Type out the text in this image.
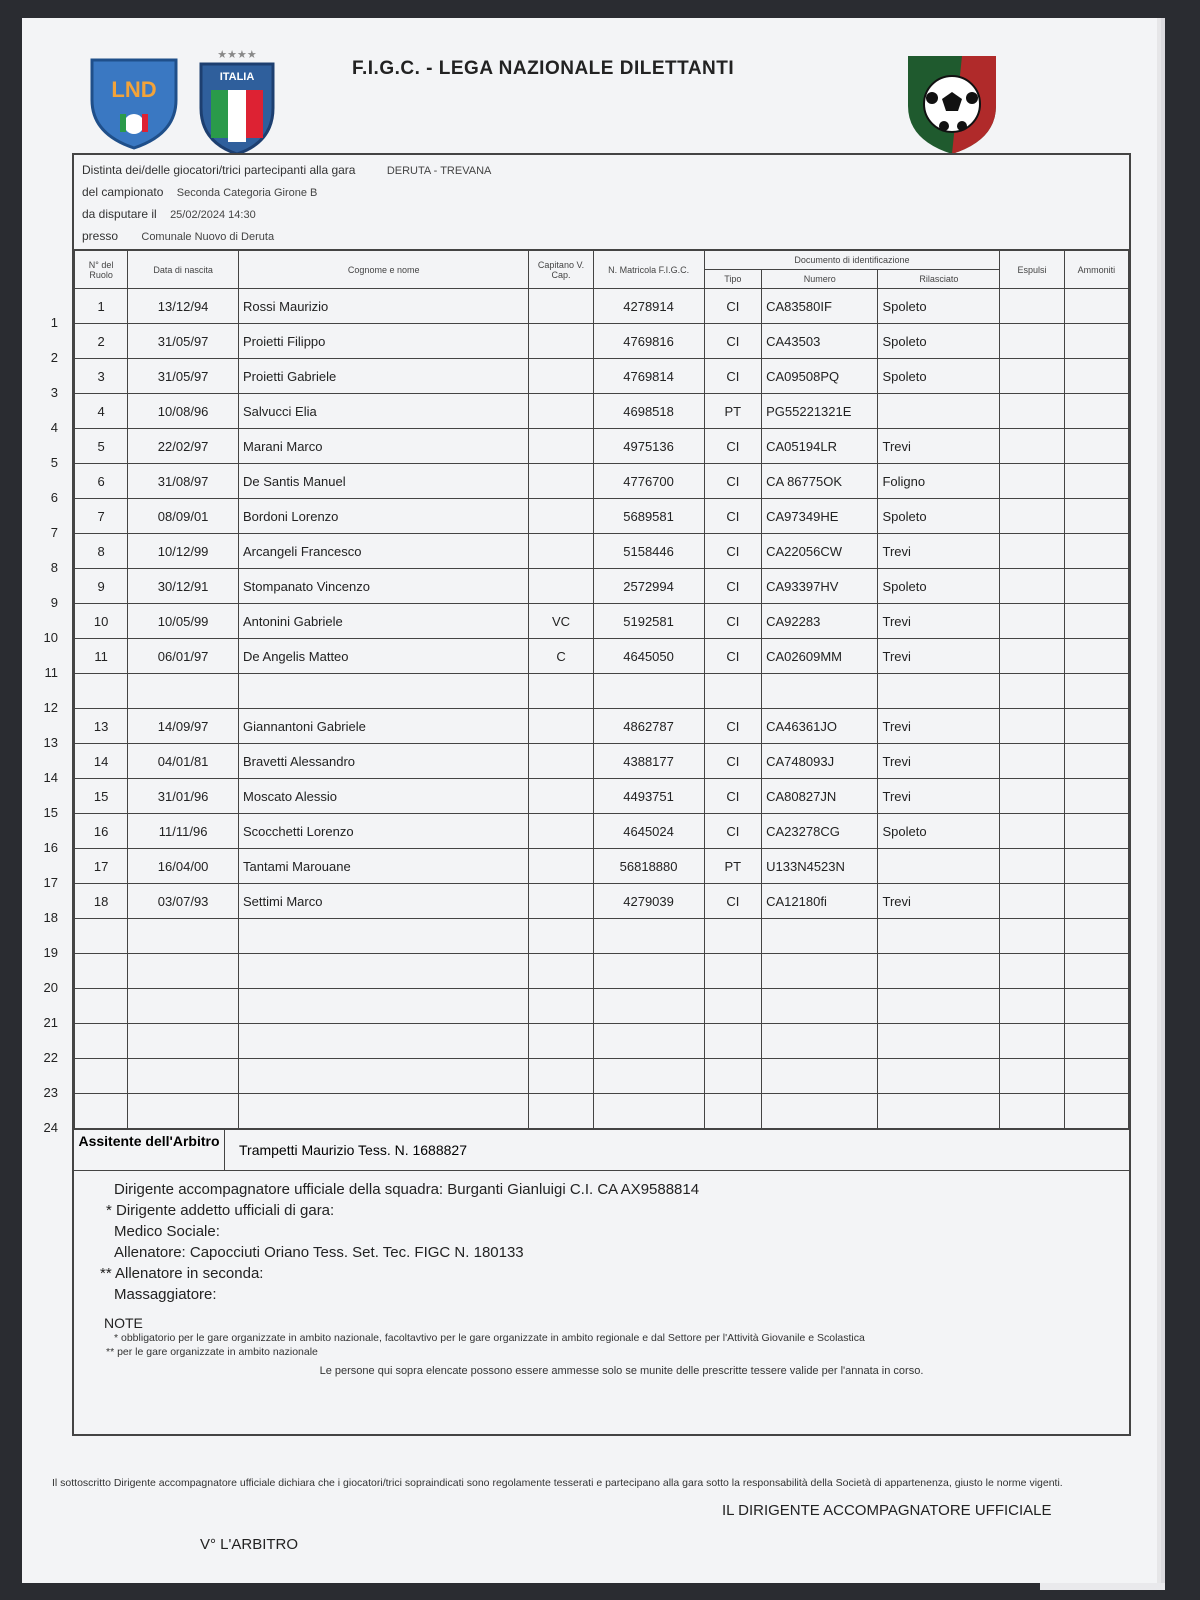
LND
★★★★
ITALIA	F.I.G.C. - LEGA NAZIONALE DILETTANTI
Distinta dei/delle giocatori/trici partecipanti alla gara	DERUTA - TREVANA
del campionato Seconda Categoria Girone B
da disputare il 25/02/2024 14:30
presso Comunale Nuovo di Deruta
N° del Ruolo	Data di nascita	Cognome e nome	Capitano V. Cap.	N. Matricola F.I.G.C.	Documento di identificazione			Espulsi	Ammoniti
					Tipo	Numero	Rilasciato		
1	13/12/94	Rossi Maurizio		4278914	CI	CA83580IF	Spoleto		
2	31/05/97	Proietti Filippo		4769816	CI	CA43503	Spoleto		
3	31/05/97	Proietti Gabriele		4769814	CI	CA09508PQ	Spoleto		
4	10/08/96	Salvucci Elia		4698518	PT	PG55221321E			
5	22/02/97	Marani Marco		4975136	CI	CA05194LR	Trevi		
6	31/08/97	De Santis Manuel		4776700	CI	CA 86775OK	Foligno		
7	08/09/01	Bordoni Lorenzo		5689581	CI	CA97349HE	Spoleto		
8	10/12/99	Arcangeli Francesco		5158446	CI	CA22056CW	Trevi		
9	30/12/91	Stompanato Vincenzo		2572994	CI	CA93397HV	Spoleto		
10	10/05/99	Antonini Gabriele	VC	5192581	CI	CA92283	Trevi		
11	06/01/97	De Angelis Matteo	C	4645050	CI	CA02609MM	Trevi		

13	14/09/97	Giannantoni Gabriele		4862787	CI	CA46361JO	Trevi		
14	04/01/81	Bravetti Alessandro		4388177	CI	CA748093J	Trevi		
15	31/01/96	Moscato Alessio		4493751	CI	CA80827JN	Trevi		
16	11/11/96	Scocchetti Lorenzo		4645024	CI	CA23278CG	Spoleto		
17	16/04/00	Tantami Marouane		56818880	PT	U133N4523N			
18	03/07/93	Settimi Marco		4279039	CI	CA12180fi	Trevi		

Assitente dell'Arbitro
Trampetti Maurizio Tess. N. 1688827
Dirigente accompagnatore ufficiale della squadra: Burganti Gianluigi C.I. CA AX9588814
* Dirigente addetto ufficiali di gara:
Medico Sociale:
Allenatore: Capocciuti Oriano Tess. Set. Tec. FIGC N. 180133
** Allenatore in seconda:
Massaggiatore:
NOTE
* obbligatorio per le gare organizzate in ambito nazionale, facoltavtivo per le gare organizzate in ambito regionale e dal Settore per l'Attività Giovanile e Scolastica
** per le gare organizzate in ambito nazionale
Le persone qui sopra elencate possono essere ammesse solo se munite delle prescritte tessere valide per l'annata in corso.
Il sottoscritto Dirigente accompagnatore ufficiale dichiara che i giocatori/trici sopraindicati sono regolamente tesserati e partecipano alla gara sotto la responsabilità della Società di appartenenza, giusto le norme vigenti.
IL DIRIGENTE ACCOMPAGNATORE UFFICIALE
V° L'ARBITRO
1
2
3
4
5
6
7
8
9
10
11
12
13
14
15
16
17
18
19
20
21
22
23
24
